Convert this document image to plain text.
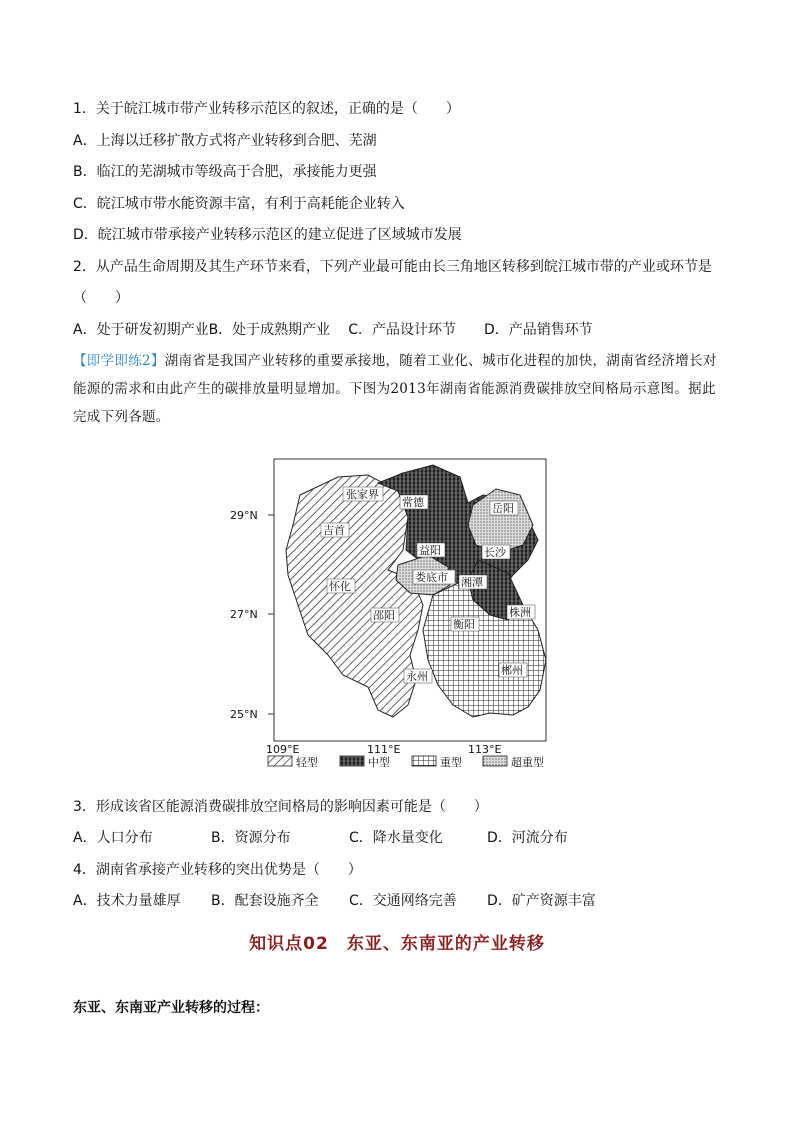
1．关于皖江城市带产业转移示范区的叙述，正确的是（　　）
A．上海以迁移扩散方式将产业转移到合肥、芜湖
B．临江的芜湖城市等级高于合肥，承接能力更强
C．皖江城市带水能资源丰富，有利于高耗能企业转入
D．皖江城市带承接产业转移示范区的建立促进了区域城市发展
2．从产品生命周期及其生产环节来看，下列产业最可能由长三角地区转移到皖江城市带的产业或环节是
（　　）
A．处于研发初期产业B．处于成熟期产业 C．产品设计环节 D．产品销售环节
【即学即练2】湖南省是我国产业转移的重要承接地，随着工业化、城市化进程的加快，湖南省经济增长对能源的需求和由此产生的碳排放量明显增加。下图为2013年湖南省能源消费碳排放空间格局示意图。据此完成下列各题。
张家界
常德	岳阳
吉首
益阳	长沙
娄底市 湘潭
怀化
邵阳	株洲
衡阳
永州	郴州
29°N
27°N
25°N
109°E	111°E	113°E
轻型	中型	重型	超重型
3．形成该省区能源消费碳排放空间格局的影响因素可能是（　　）
A．人口分布	B．资源分布	C．降水量变化	D．河流分布
4．湖南省承接产业转移的突出优势是（　　）
A．技术力量雄厚 B．配套设施齐全 C．交通网络完善 D．矿产资源丰富
知识点02　东亚、东南亚的产业转移
东亚、东南亚产业转移的过程：
